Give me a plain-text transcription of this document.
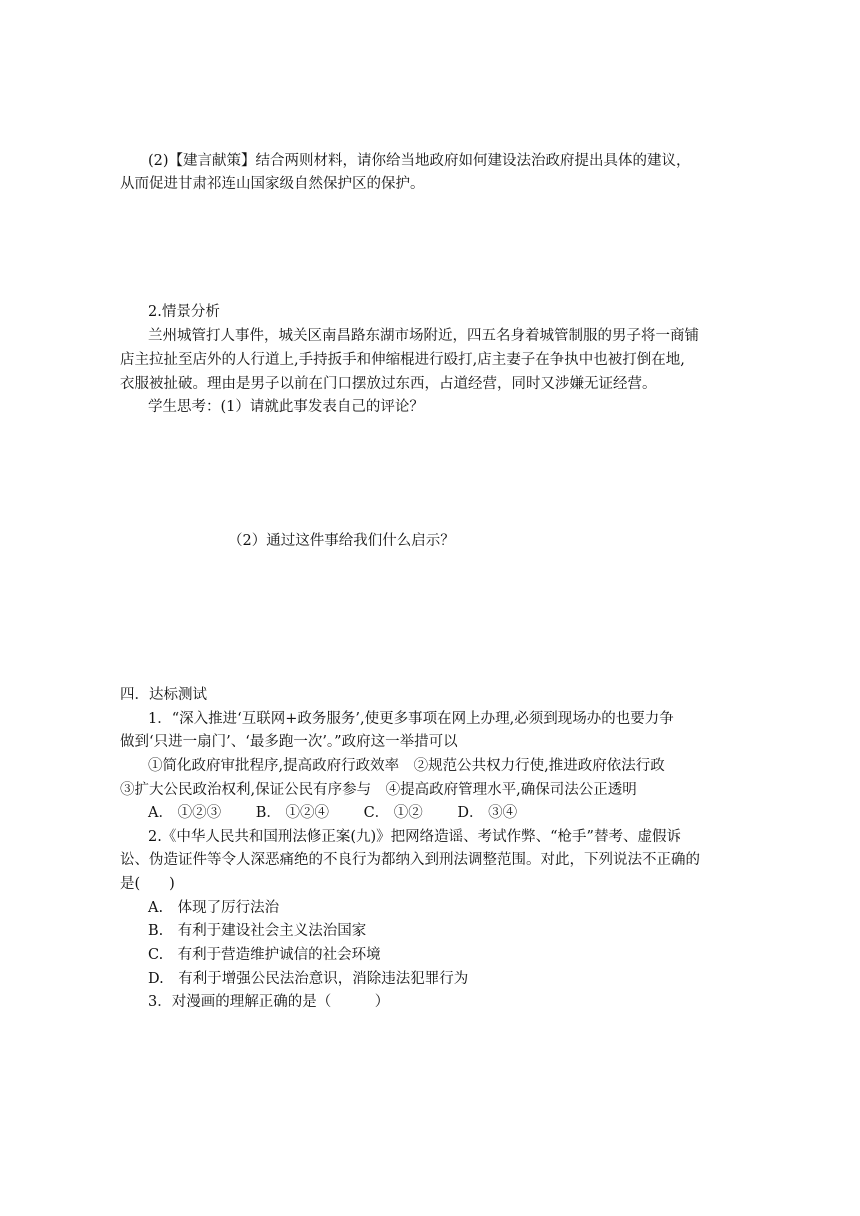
(2)【建言献策】结合两则材料，请你给当地政府如何建设法治政府提出具体的建议，
从而促进甘肃祁连山国家级自然保护区的保护。
2.情景分析
兰州城管打人事件，城关区南昌路东湖市场附近，四五名身着城管制服的男子将一商铺
店主拉扯至店外的人行道上,手持扳手和伸缩棍进行殴打,店主妻子在争执中也被打倒在地,
衣服被扯破。理由是男子以前在门口摆放过东西，占道经营，同时又涉嫌无证经营。
学生思考：(1）请就此事发表自己的评论？
（2）通过这件事给我们什么启示？
四．达标测试
1．“深入推进‘互联网+政务服务’,使更多事项在网上办理,必须到现场办的也要力争
做到‘只进一扇门’、‘最多跑一次’。”政府这一举措可以
①简化政府审批程序,提高政府行政效率　②规范公共权力行使,推进政府依法行政
③扩大公民政治权利,保证公民有序参与　④提高政府管理水平,确保司法公正透明
A． ①②③ B． ①②④ C． ①② D． ③④
2.《中华人民共和国刑法修正案(九)》把网络造谣、考试作弊、“枪手”替考、虚假诉
讼、伪造证件等令人深恶痛绝的不良行为都纳入到刑法调整范围。对此，下列说法不正确的
是(　　)
A.　体现了厉行法治
B.　有利于建设社会主义法治国家
C.　有利于营造维护诚信的社会环境
D.　有利于增强公民法治意识，消除违法犯罪行为
3．对漫画的理解正确的是（　　　）
